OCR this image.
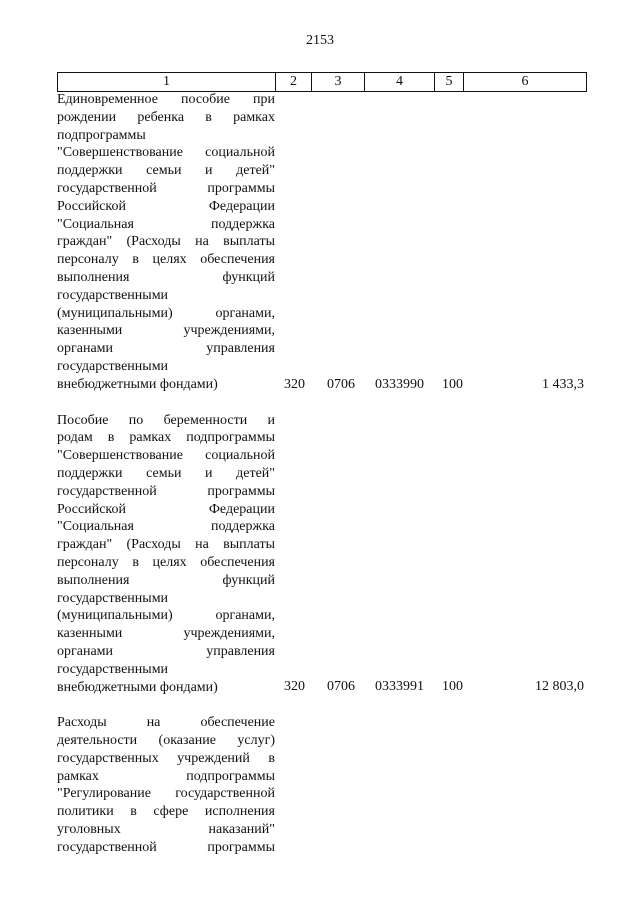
2153
1	2	3	4	5	6
Единовременное пособие при
рождении ребенка в рамках
подпрограммы
"Совершенствование социальной
поддержки семьи и детей"
государственной программы
Российской Федерации
"Социальная поддержка
граждан" (Расходы на выплаты
персоналу в целях обеспечения
выполнения функций
государственными
(муниципальными) органами,
казенными учреждениями,
органами управления
государственными
внебюджетными фондами)	320 0706 0333990 100	1 433,3
Пособие по беременности и
родам в рамках подпрограммы
"Совершенствование социальной
поддержки семьи и детей"
государственной программы
Российской Федерации
"Социальная поддержка
граждан" (Расходы на выплаты
персоналу в целях обеспечения
выполнения функций
государственными
(муниципальными) органами,
казенными учреждениями,
органами управления
государственными
внебюджетными фондами)	320 0706 0333991 100	12 803,0
Расходы на обеспечение
деятельности (оказание услуг)
государственных учреждений в
рамках подпрограммы
"Регулирование государственной
политики в сфере исполнения
уголовных наказаний"
государственной программы
